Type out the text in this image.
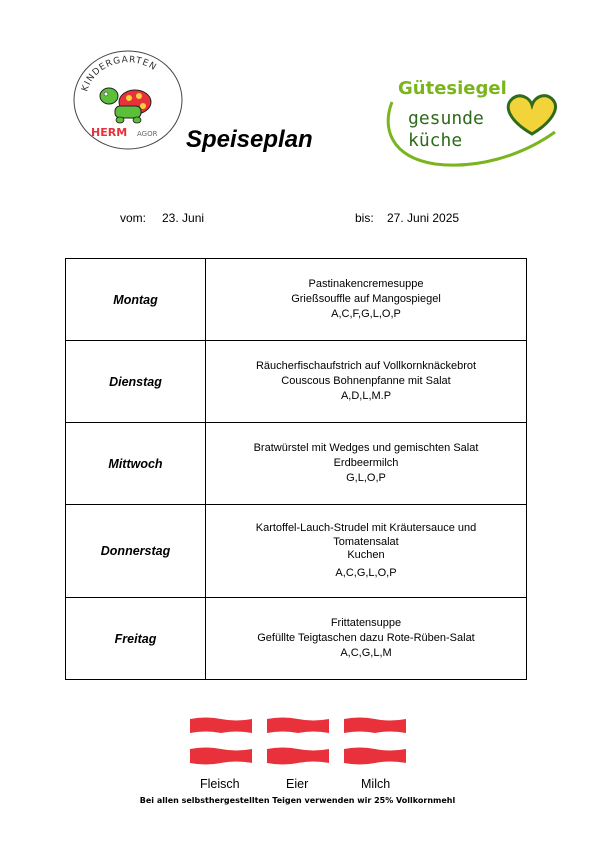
KINDERGARTEN
HERM AGOR Speiseplan
Gütesiegel
gesunde
küche
vom: 23. Juni	bis: 27. Juni 2025
Montag	Pastinakencremesuppe
Grießsouffle auf Mangospiegel
A,C,F,G,L,O,P

Dienstag	Räucherfischaufstrich auf Vollkornknäckebrot
Couscous Bohnenpfanne mit Salat
A,D,L,M.P

Mittwoch	Bratwürstel mit Wedges und gemischten Salat
Erdbeermilch
G,L,O,P

Donnerstag	Kartoffel-Lauch-Strudel mit Kräutersauce und
Tomatensalat
Kuchen
A,C,G,L,O,P

Freitag	Frittatensuppe
Gefüllte Teigtaschen dazu Rote-Rüben-Salat
A,C,G,L,M
Fleisch	Eier	Milch
Bei allen selbsthergestellten Teigen verwenden wir 25% Vollkornmehl
